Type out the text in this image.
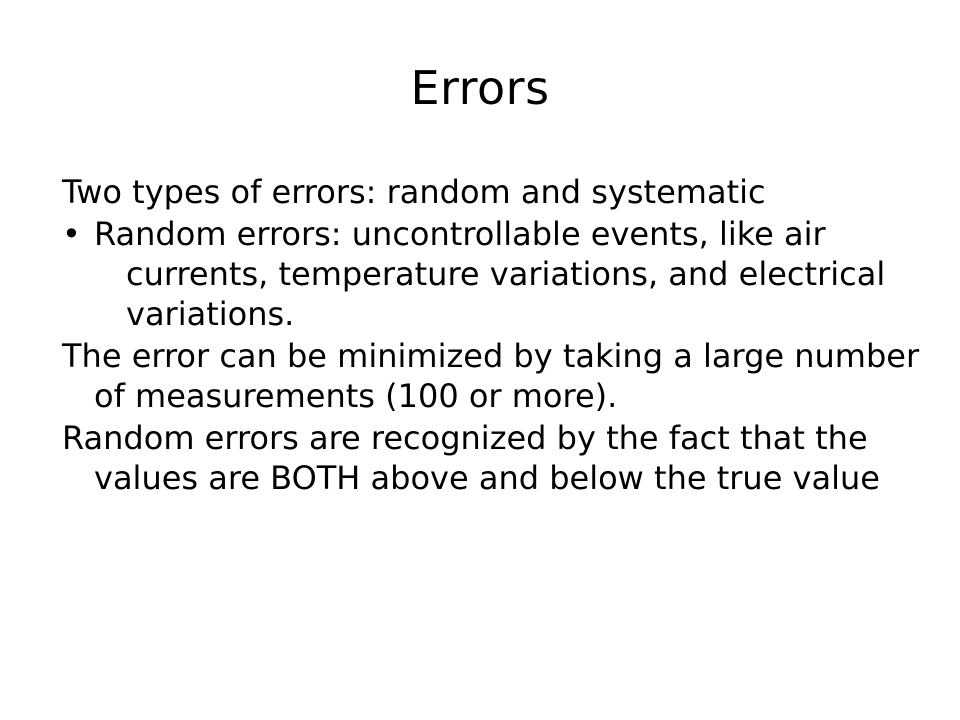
Errors

Two types of errors: random and systematic

• Random errors: uncontrollable events, like air currents, temperature variations, and electrical variations.

The error can be minimized by taking a large number of measurements (100 or more).

Random errors are recognized by the fact that the values are BOTH above and below the true value
